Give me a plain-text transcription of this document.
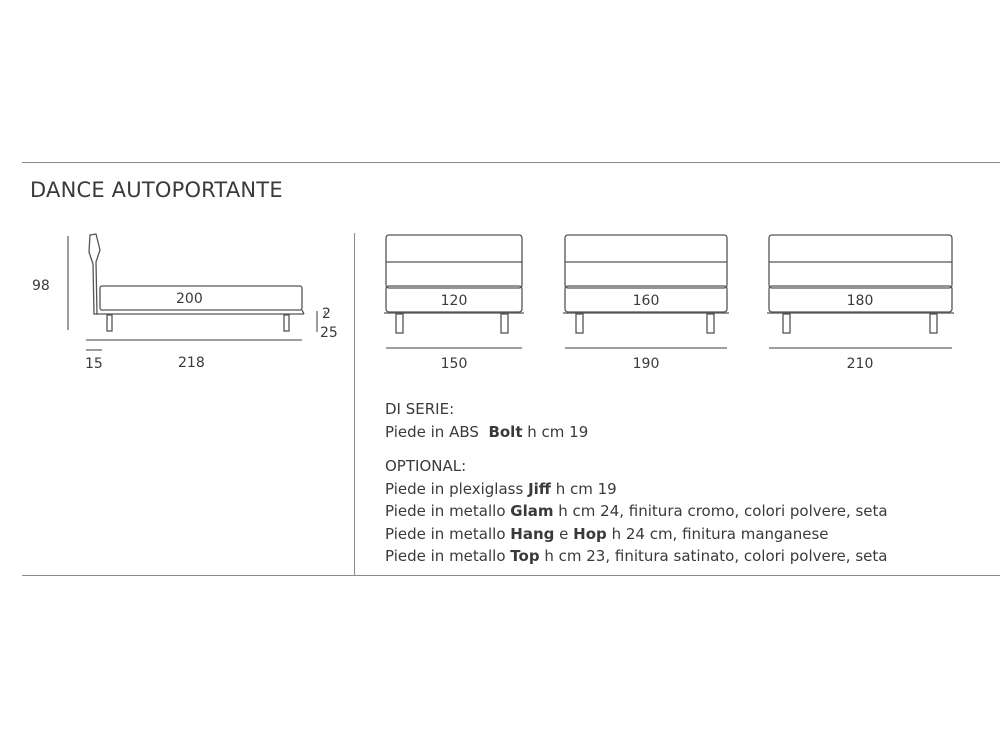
DANCE AUTOPORTANTE
98
200
2
25
15	218
120
150
160
190
180
210
DI SERIE:
Piede in ABS Bolt h cm 19
OPTIONAL:
Piede in plexiglass Jiff h cm 19
Piede in metallo Glam h cm 24, finitura cromo, colori polvere, seta
Piede in metallo Hang e Hop h 24 cm, finitura manganese
Piede in metallo Top h cm 23, finitura satinato, colori polvere, seta
